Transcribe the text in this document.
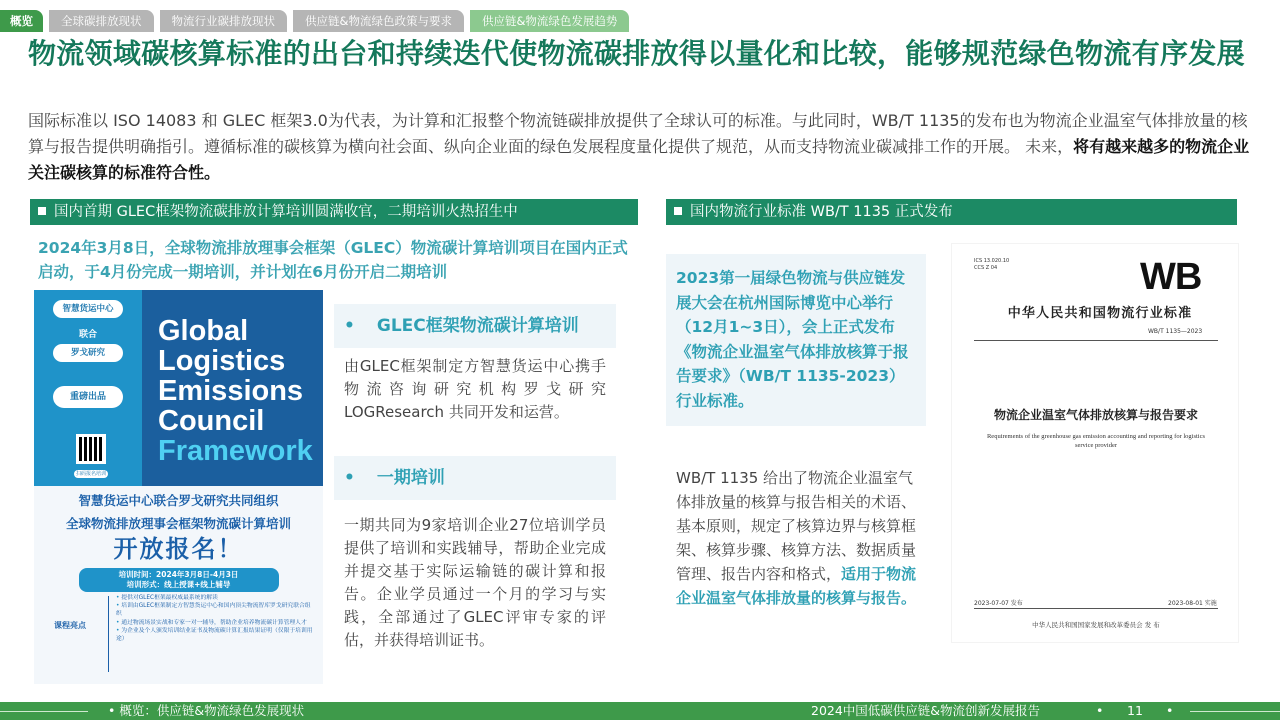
概览	全球碳排放现状	物流行业碳排放现状	供应链&物流绿色政策与要求	供应链&物流绿色发展趋势
物流领域碳核算标准的出台和持续迭代使物流碳排放得以量化和比较，能够规范绿色物流有序发展
国际标准以 ISO 14083 和 GLEC 框架3.0为代表，为计算和汇报整个物流链碳排放提供了全球认可的标准。与此同时，WB/T 1135的发布也为物流企业温室气体排放量的核算与报告提供明确指引。遵循标准的碳核算为横向社会面、纵向企业面的绿色发展程度量化提供了规范，从而支持物流业碳减排工作的开展。 未来，将有越来越多的物流企业关注碳核算的标准符合性。
国内首期 GLEC框架物流碳排放计算培训圆满收官，二期培训火热招生中
2024年3月8日，全球物流排放理事会框架（GLEC）物流碳计算培训项目在国内正式启动，于4月份完成一期培训，并计划在6月份开启二期培训
智慧货运中心
联合
罗戈研究
重磅出品
扫码报名培训
Global
Logistics
Emissions
Council
Framework
智慧货运中心联合罗戈研究共同组织
全球物流排放理事会框架物流碳计算培训
开放报名！
培训时间：2024年3月8日-4月3日
培训形式：线上授课+线上辅导
课程亮点
• 提供对GLEC框架最权威最系统的解读
• 培训由GLEC框架制定方智慧货运中心和国内顶尖物流智库罗戈研究联合组织
• 通过物流场景实战和专家一对一辅导，帮助企业培养物流碳计算管理人才
• 为企业及个人颁发培训结业证书及物流碳计算汇报结果证明（仅限于培训用途）
• GLEC框架物流碳计算培训
由GLEC框架制定方智慧货运中心携手物流咨询研究机构罗戈研究LOGResearch 共同开发和运营。
• 一期培训
一期共同为9家培训企业27位培训学员提供了培训和实践辅导，帮助企业完成并提交基于实际运输链的碳计算和报告。企业学员通过一个月的学习与实践，全部通过了GLEC评审专家的评估，并获得培训证书。
国内物流行业标准 WB/T 1135 正式发布
2023第一届绿色物流与供应链发展大会在杭州国际博览中心举行（12月1~3日），会上正式发布《物流企业温室气体排放核算于报告要求》（WB/T 1135-2023）行业标准。
WB/T 1135 给出了物流企业温室气体排放量的核算与报告相关的术语、基本原则，规定了核算边界与核算框架、核算步骤、核算方法、数据质量管理、报告内容和格式，适用于物流企业温室气体排放量的核算与报告。
ICS 13.020.10
CCS Z 04	WB
中华人民共和国物流行业标准
WB/T 1135—2023
物流企业温室气体排放核算与报告要求
Requirements of the greenhouse gas emission accounting and reporting for logistics service provider
2023-07-07 发布	2023-08-01 实施
中华人民共和国国家发展和改革委员会 发 布
• 概览：供应链&物流绿色发展现状	2024中国低碳供应链&物流创新发展报告	• 11 •
